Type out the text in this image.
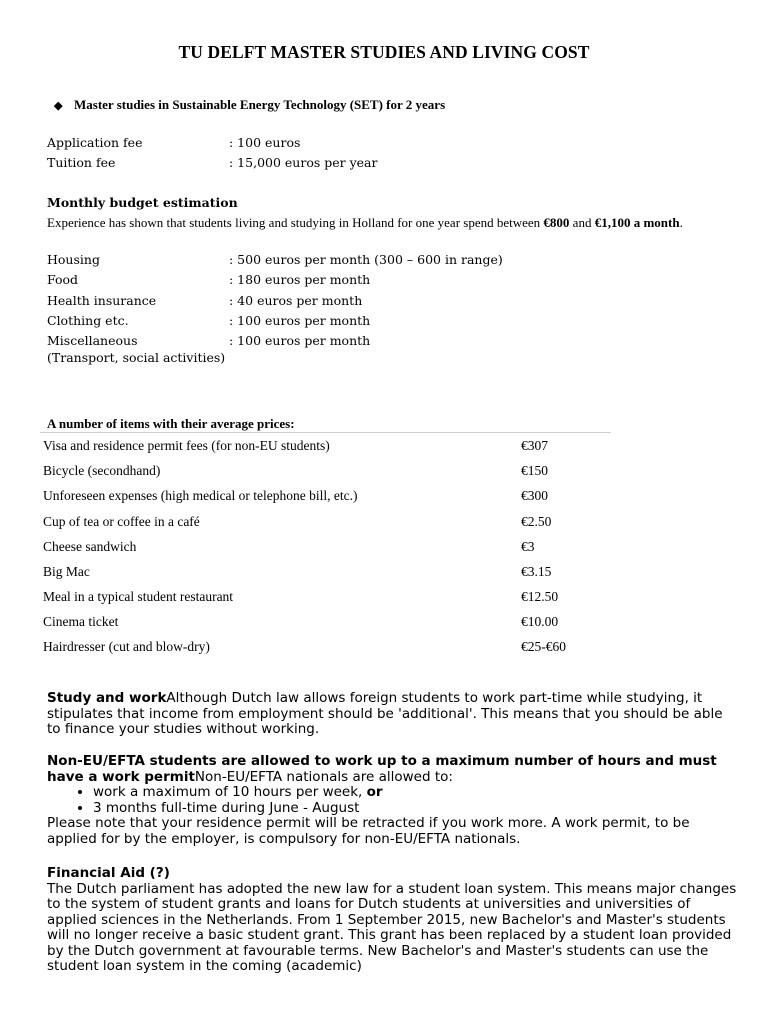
TU DELFT MASTER STUDIES AND LIVING COST
◆ Master studies in Sustainable Energy Technology (SET) for 2 years
Application fee	: 100 euros
Tuition fee	: 15,000 euros per year
Monthly budget estimation
Experience has shown that students living and studying in Holland for one year spend between €800 and €1,100 a month.
Housing	: 500 euros per month (300 – 600 in range)
Food	: 180 euros per month
Health insurance	: 40 euros per month
Clothing etc.	: 100 euros per month
Miscellaneous	: 100 euros per month
(Transport, social activities)
A number of items with their average prices:
Visa and residence permit fees (for non-EU students)	€307
Bicycle (secondhand)	€150
Unforeseen expenses (high medical or telephone bill, etc.)	€300
Cup of tea or coffee in a café	€2.50
Cheese sandwich	€3
Big Mac	€3.15
Meal in a typical student restaurant	€12.50
Cinema ticket	€10.00
Hairdresser (cut and blow-dry)	€25-€60
Study and workAlthough Dutch law allows foreign students to work part-time while studying, it stipulates that income from employment should be 'additional'. This means that you should be able to finance your studies without working.
Non-EU/EFTA students are allowed to work up to a maximum number of hours and must have a work permitNon-EU/EFTA nationals are allowed to:
• work a maximum of 10 hours per week, or
• 3 months full-time during June - August
Please note that your residence permit will be retracted if you work more. A work permit, to be applied for by the employer, is compulsory for non-EU/EFTA nationals.
Financial Aid (?)
The Dutch parliament has adopted the new law for a student loan system. This means major changes to the system of student grants and loans for Dutch students at universities and universities of applied sciences in the Netherlands. From 1 September 2015, new Bachelor's and Master's students will no longer receive a basic student grant. This grant has been replaced by a student loan provided by the Dutch government at favourable terms. New Bachelor's and Master's students can use the student loan system in the coming (academic)
